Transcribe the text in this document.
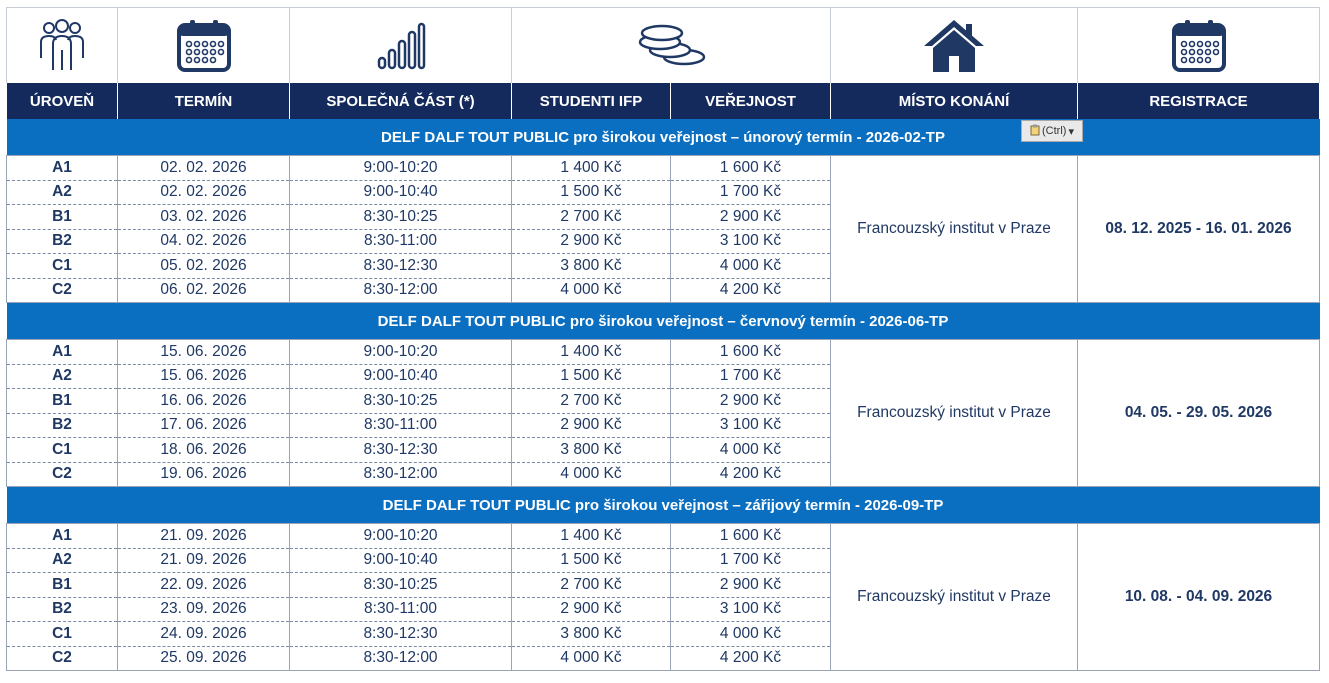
ÚROVEŇ	TERMÍN	SPOLEČNÁ ČÁST (*)	STUDENTI IFP	VEŘEJNOST	MÍSTO KONÁNÍ	REGISTRACE
DELF DALF TOUT PUBLIC pro širokou veřejnost – únorový termín - 2026-02-TP						
A1	02. 02. 2026	9:00-10:20	1 400 Kč	1 600 Kč	Francouzský institut v Praze	08. 12. 2025 - 16. 01. 2026
A2	02. 02. 2026	9:00-10:40	1 500 Kč	1 700 Kč		
B1	03. 02. 2026	8:30-10:25	2 700 Kč	2 900 Kč		
B2	04. 02. 2026	8:30-11:00	2 900 Kč	3 100 Kč		
C1	05. 02. 2026	8:30-12:30	3 800 Kč	4 000 Kč		
C2	06. 02. 2026	8:30-12:00	4 000 Kč	4 200 Kč		
DELF DALF TOUT PUBLIC pro širokou veřejnost – červnový termín - 2026-06-TP						
A1	15. 06. 2026	9:00-10:20	1 400 Kč	1 600 Kč	Francouzský institut v Praze	04. 05. - 29. 05. 2026
A2	15. 06. 2026	9:00-10:40	1 500 Kč	1 700 Kč		
B1	16. 06. 2026	8:30-10:25	2 700 Kč	2 900 Kč		
B2	17. 06. 2026	8:30-11:00	2 900 Kč	3 100 Kč		
C1	18. 06. 2026	8:30-12:30	3 800 Kč	4 000 Kč		
C2	19. 06. 2026	8:30-12:00	4 000 Kč	4 200 Kč		
DELF DALF TOUT PUBLIC pro širokou veřejnost – zářijový termín - 2026-09-TP						
A1	21. 09. 2026	9:00-10:20	1 400 Kč	1 600 Kč	Francouzský institut v Praze	10. 08. - 04. 09. 2026
A2	21. 09. 2026	9:00-10:40	1 500 Kč	1 700 Kč		
B1	22. 09. 2026	8:30-10:25	2 700 Kč	2 900 Kč		
B2	23. 09. 2026	8:30-11:00	2 900 Kč	3 100 Kč		
C1	24. 09. 2026	8:30-12:30	3 800 Kč	4 000 Kč		
C2	25. 09. 2026	8:30-12:00	4 000 Kč	4 200 Kč		
(Ctrl) ▾
